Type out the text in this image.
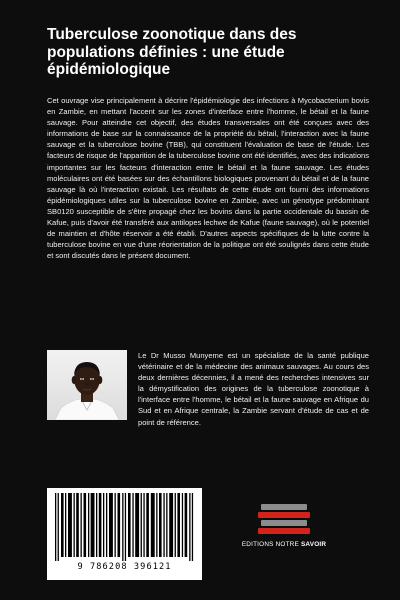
Tuberculose zoonotique dans des populations définies : une étude épidémiologique

Cet ouvrage vise principalement à décrire l'épidémiologie des infections à Mycobacterium bovis en Zambie, en mettant l'accent sur les zones d'interface entre l'homme, le bétail et la faune sauvage. Pour atteindre cet objectif, des études transversales ont été conçues avec des informations de base sur la connaissance de la propriété du bétail, l'interaction avec la faune sauvage et la tuberculose bovine (TBB), qui constituent l'évaluation de base de l'étude. Les facteurs de risque de l'apparition de la tuberculose bovine ont été identifiés, avec des indications importantes sur les facteurs d'interaction entre le bétail et la faune sauvage. Les études moléculaires ont été basées sur des échantillons biologiques provenant du bétail et de la faune sauvage là où l'interaction existait. Les résultats de cette étude ont fourni des informations épidémiologiques utiles sur la tuberculose bovine en Zambie, avec un génotype prédominant SB0120 susceptible de s'être propagé chez les bovins dans la partie occidentale du bassin de Kafue, puis d'avoir été transféré aux antilopes lechwe de Kafue (faune sauvage), où le potentiel de maintien et d'hôte réservoir a été établi. D'autres aspects spécifiques de la lutte contre la tuberculose bovine en vue d'une réorientation de la politique ont été soulignés dans cette étude et sont discutés dans le présent document.

Le Dr Musso Munyeme est un spécialiste de la santé publique vétérinaire et de la médecine des animaux sauvages. Au cours des deux dernières décennies, il a mené des recherches intensives sur la démystification des origines de la tuberculose zoonotique à l'interface entre l'homme, le bétail et la faune sauvage en Afrique du Sud et en Afrique centrale, la Zambie servant d'étude de cas et de point de référence.

9 786208 396121
EDITIONS NOTRE SAVOIR
